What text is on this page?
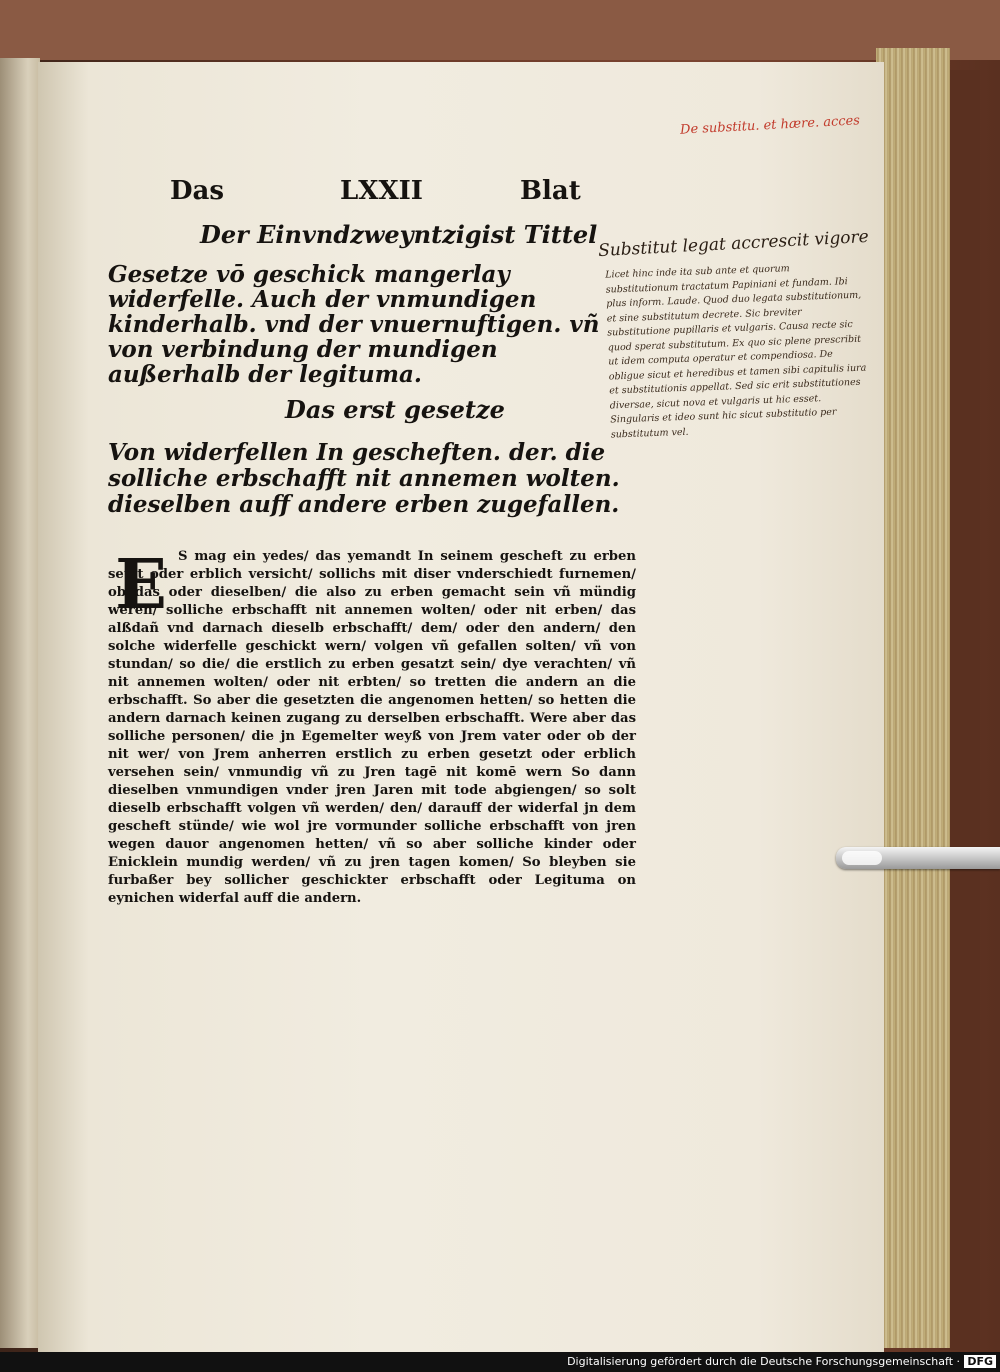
Das	LXXII	Blat
Der Einvndzweyntzigist Tittel
Gesetze vō geschick mangerlay widerfelle. Auch der vnmundigen kinderhalb. vnd der vnuernuftigen. vñ von verbindung der mundigen außerhalb der legituma.
Das erst gesetze
Von widerfellen In gescheften. der. die solliche erbschafft nit annemen wolten. dieselben auff andere erben zugefallen.
E S mag ein yedes/ das yemandt In seinem gescheft zu erben setzt oder erblich versicht/ sollichs mit diser vnderschiedt furnemen/ ob das oder dieselben/ die also zu erben gemacht sein vñ mündig weren/ solliche erbschafft nit annemen wolten/ oder nit erben/ das alßdañ vnd darnach dieselb erbschafft/ dem/ oder den andern/ den solche widerfelle geschickt wern/ volgen vñ gefallen solten/ vñ von stundan/ so die/ die erstlich zu erben gesatzt sein/ dye verachten/ vñ nit annemen wolten/ oder nit erbten/ so tretten die andern an die erbschafft. So aber die gesetzten die angenomen hetten/ so hetten die andern darnach keinen zugang zu derselben erbschafft. Were aber das solliche personen/ die jn Egemelter weyß von Jrem vater oder ob der nit wer/ von Jrem anherren erstlich zu erben gesetzt oder erblich versehen sein/ vnmundig vñ zu Jren tagē nit komē wern So dann dieselben vnmundigen vnder jren Jaren mit tode abgiengen/ so solt dieselb erbschafft volgen vñ werden/ den/ darauff der widerfal jn dem gescheft stünde/ wie wol jre vormunder solliche erbschafft von jren wegen dauor angenomen hetten/ vñ so aber solliche kinder oder Enicklein mundig werden/ vñ zu jren tagen komen/ So bleyben sie furbaßer bey sollicher geschickter erbschafft oder Legituma on eynichen widerfal auff die andern.
De substitu. et hære. acces
Substitut legat accrescit vigore
Licet hinc inde ita sub ante et quorum substitutionum tractatum Papiniani et fundam. Ibi plus inform. Laude. Quod duo legata substitutionum, et sine substitutum decrete. Sic breviter substitutione pupillaris et vulgaris. Causa recte sic quod sperat substitutum. Ex quo sic plene prescribit ut idem computa operatur et compendiosa. De obligue sicut et heredibus et tamen sibi capitulis iura et substitutionis appellat. Sed sic erit substitutiones diversae, sicut nova et vulgaris ut hic esset. Singularis et ideo sunt hic sicut substitutio per substitutum vel.
Digitalisierung gefördert durch die Deutsche Forschungsgemeinschaft · DFG
